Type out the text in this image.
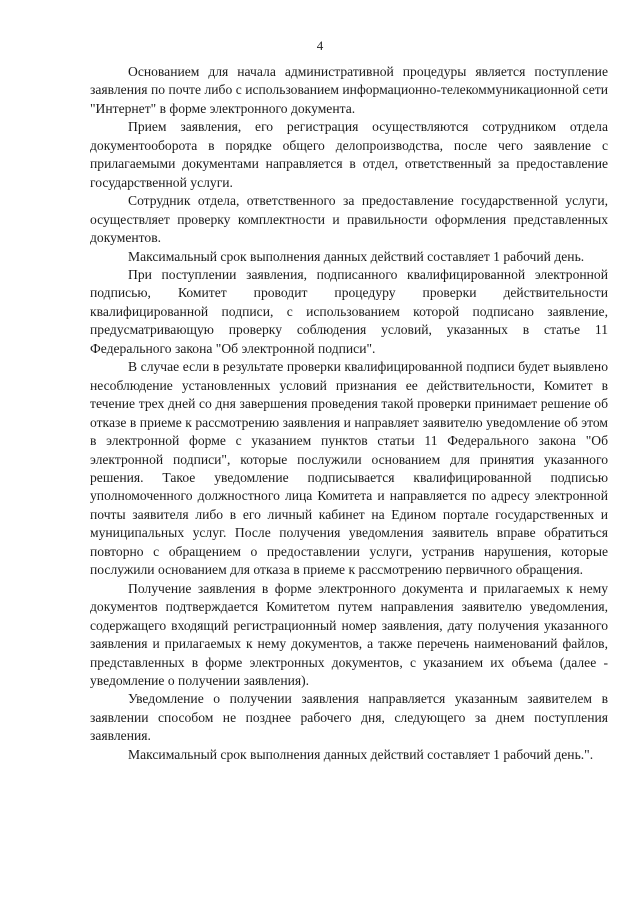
4

Основанием для начала административной процедуры является поступление заявления по почте либо с использованием информационно-телекоммуникационной сети "Интернет" в форме электронного документа.

Прием заявления, его регистрация осуществляются сотрудником отдела документооборота в порядке общего делопроизводства, после чего заявление с прилагаемыми документами направляется в отдел, ответственный за предоставление государственной услуги.

Сотрудник отдела, ответственного за предоставление государственной услуги, осуществляет проверку комплектности и правильности оформления представленных документов.

Максимальный срок выполнения данных действий составляет 1 рабочий день.

При поступлении заявления, подписанного квалифицированной электронной подписью, Комитет проводит процедуру проверки действительности квалифицированной подписи, с использованием которой подписано заявление, предусматривающую проверку соблюдения условий, указанных в статье 11 Федерального закона "Об электронной подписи".

В случае если в результате проверки квалифицированной подписи будет выявлено несоблюдение установленных условий признания ее действительности, Комитет в течение трех дней со дня завершения проведения такой проверки принимает решение об отказе в приеме к рассмотрению заявления и направляет заявителю уведомление об этом в электронной форме с указанием пунктов статьи 11 Федерального закона "Об электронной подписи", которые послужили основанием для принятия указанного решения. Такое уведомление подписывается квалифицированной подписью уполномоченного должностного лица Комитета и направляется по адресу электронной почты заявителя либо в его личный кабинет на Едином портале государственных и муниципальных услуг. После получения уведомления заявитель вправе обратиться повторно с обращением о предоставлении услуги, устранив нарушения, которые послужили основанием для отказа в приеме к рассмотрению первичного обращения.

Получение заявления в форме электронного документа и прилагаемых к нему документов подтверждается Комитетом путем направления заявителю уведомления, содержащего входящий регистрационный номер заявления, дату получения указанного заявления и прилагаемых к нему документов, а также перечень наименований файлов, представленных в форме электронных документов, с указанием их объема (далее - уведомление о получении заявления).

Уведомление о получении заявления направляется указанным заявителем в заявлении способом не позднее рабочего дня, следующего за днем поступления заявления.

Максимальный срок выполнения данных действий составляет 1 рабочий день.".
